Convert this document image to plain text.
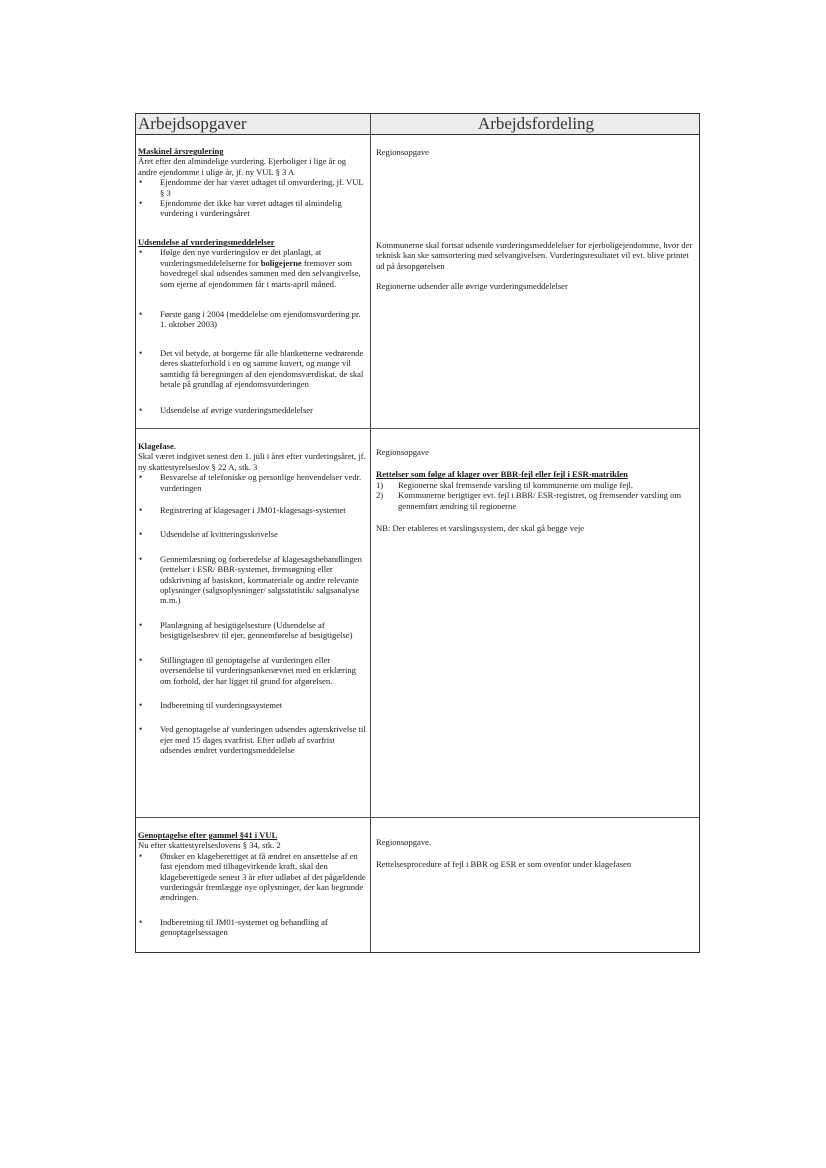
Arbejdsopgaver	Arbejdsfordeling

Maskinel årsregulering

Året efter den almindelige vurdering. Ejerboliger i lige år og andre ejendomme i ulige år, jf. ny VUL § 3 A

• Ejendomme der har været udtaget til omvurdering, jf. VUL § 3
• Ejendomme der ikke har været udtaget til almindelig vurdering i vurderingsåret

Regionsopgave

Udsendelse af vurderingsmeddelelser

• Ifølge den nye vurderingslov er det planlagt, at vurderingsmeddelelserne for boligejerne fremover som hovedregel skal udsendes sammen med den selvangivelse, som ejerne af ejendommen får i marts-april måned.
• Første gang i 2004 (meddelelse om ejendomsvurdering pr. 1. oktober 2003)
• Det vil betyde, at borgerne får alle blanketterne vedrørende deres skatteforhold i en og samme kuvert, og mange vil samtidig få beregningen af den ejendomsværdiskat, de skal betale på grundlag af ejendomsvurderingen
• Udsendelse af øvrige vurderingsmeddelelser

Kommunerne skal fortsat udsende vurderingsmeddelelser for ejerboligejendomme, hvor der teknisk kan ske samsortering med selvangivelsen. Vurderingsresultatet vil evt. blive printet ud på årsopgørelsen

Regionerne udsender alle øvrige vurderingsmeddelelser

Klagefase.

Skal været indgivet senest den 1. juli i året efter vurderingsåret, jf. ny skattestyrelseslov § 22 A, stk. 3

• Besvarelse af telefoniske og personlige henvendelser vedr. vurderingen
• Registrering af klagesager i JM01-klagesags-systemet
• Udsendelse af kvitteringsskrivelse
• Gennemlæsning og forberedelse af klagesagsbehandlingen (rettelser i ESR/ BBR-systemet, fremsøgning eller udskrivning af basiskort, kortmateriale og andre relevante oplysninger (salgsoplysninger/ salgsstatistik/ salgsanalyse m.m.)
• Planlægning af besigtigelsesture (Udsendelse af besigtigelsesbrev til ejer, gennemførelse af besigtigelse)
• Stillingtagen til genoptagelse af vurderingen eller oversendelse til vurderingsankenævnet med en erklæring om forhold, der har ligget til grund for afgørelsen.
• Indberetning til vurderingssystemet
• Ved genoptagelse af vurderingen udsendes agterskrivelse til ejer med 15 dages svarfrist. Efter udløb af svarfrist udsendes ændret vurderingsmeddelelse

Regionsopgave

Rettelser som følge af klager over BBR-fejl eller fejl i ESR-matriklen

1) Regionerne skal fremsende varsling til kommunerne om mulige fejl.
2) Kommunerne berigtiger evt. fejl i BBR/ ESR-registret, og fremsender varsling om gennemført ændring til regionerne

NB: Der etableres et varslingssystem, der skal gå begge veje

Genoptagelse efter gammel §41 i VUL

Nu efter skattestyrelseslovens § 34, stk. 2

• Ønsker en klageberettiget at få ændret en ansættelse af en fast ejendom med tilbagevirkende kraft, skal den klageberettigede senest 3 år efter udløbet af det pågældende vurderingsår fremlægge nye oplysninger, der kan begrunde ændringen.
• Indberetning til JM01-systemet og behandling af genoptagelsessagen

Regionsopgave.

Rettelsesprocedure af fejl i BBR og ESR er som ovenfor under klagefasen
